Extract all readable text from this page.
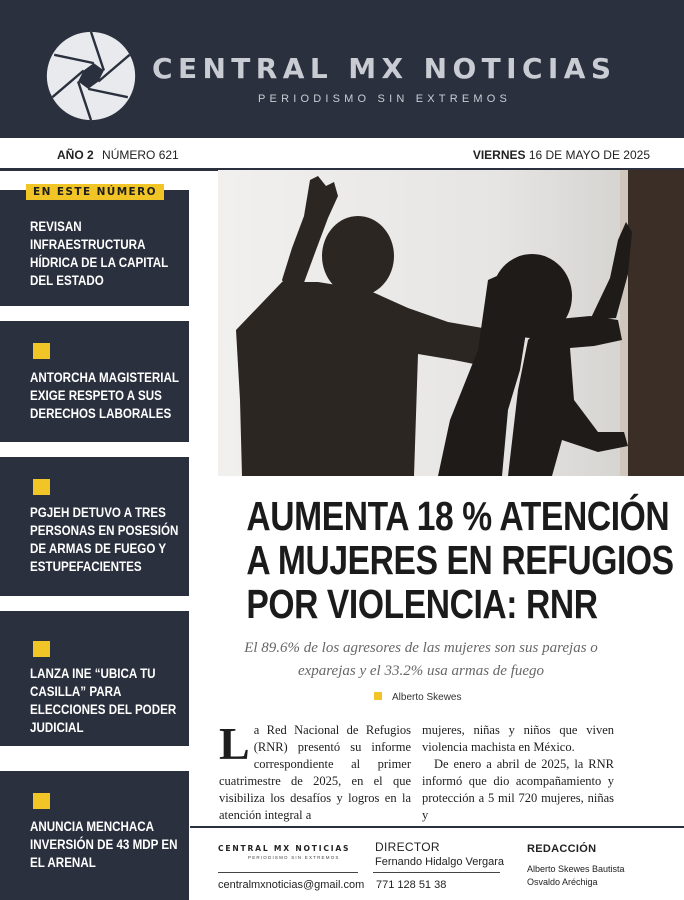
CENTRAL MX NOTICIAS
PERIODISMO SIN EXTREMOS
AÑO 2 NÚMERO 621	VIERNES 16 DE MAYO DE 2025
REVISAN INFRAESTRUCTURA HÍDRICA DE LA CAPITAL DEL ESTADO
EN ESTE NÚMERO
ANTORCHA MAGISTERIAL EXIGE RESPETO A SUS DERECHOS LABORALES
PGJEH DETUVO A TRES PERSONAS EN POSESIÓN DE ARMAS DE FUEGO Y ESTUPEFACIENTES
LANZA INE “UBICA TU CASILLA” PARA ELECCIONES DEL PODER JUDICIAL
ANUNCIA MENCHACA INVERSIÓN DE 43 MDP EN EL ARENAL
AUMENTA 18 % ATENCIÓN
A MUJERES EN REFUGIOS
POR VIOLENCIA: RNR
El 89.6% de los agresores de las mujeres son sus parejas o exparejas y el 33.2% usa armas de fuego
Alberto Skewes
La Red Nacional de Refugios (RNR) presentó su informe correspondiente al primer cuatrimestre de 2025, en el que visibiliza los desafíos y logros en la atención integral a

mujeres, niñas y niños que viven violencia machista en México.

De enero a abril de 2025, la RNR informó que dio acompañamiento y protección a 5 mil 720 mujeres, niñas y

CENTRAL MX NOTICIAS
PERIODISMO SIN EXTREMOS
centralmxnoticias@gmail.com
DIRECTOR
Fernando Hidalgo Vergara
771 128 51 38
REDACCIÓN
Alberto Skewes Bautista
Osvaldo Aréchiga
